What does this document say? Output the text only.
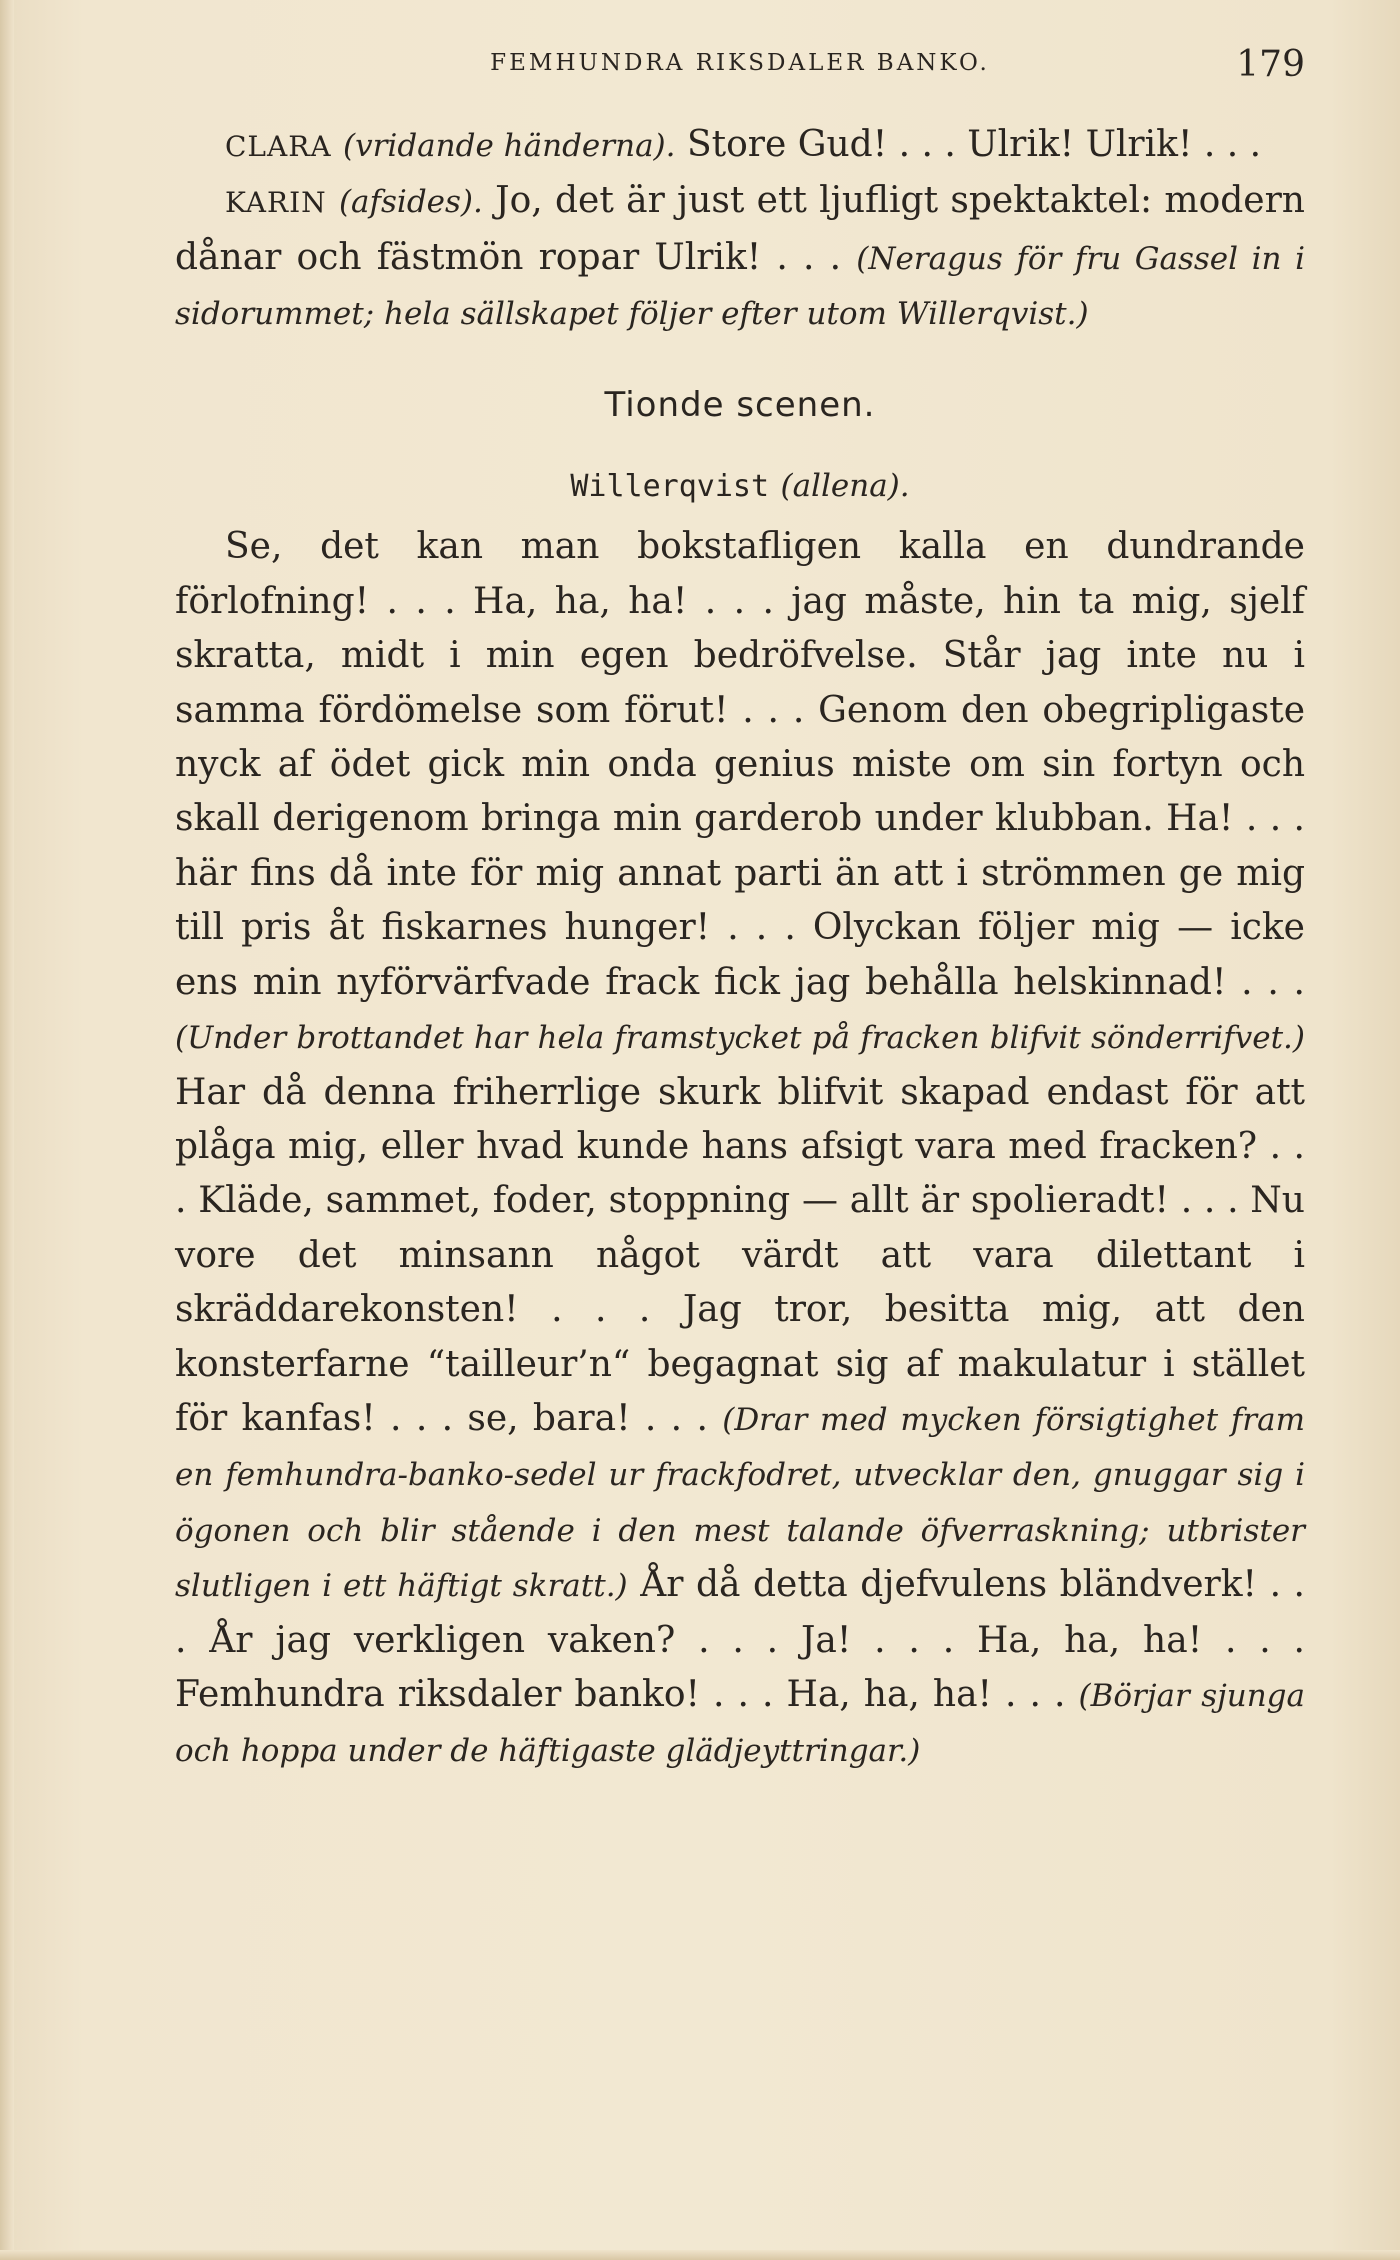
FEMHUNDRA RIKSDALER BANKO.	179

CLARA (vridande händerna). Store Gud! . . . Ulrik! Ulrik! . . .

KARIN (afsides). Jo, det är just ett ljufligt spektaktel: modern dånar och fästmön ropar Ulrik! . . . (Neragus för fru Gassel in i sidorummet; hela sällskapet följer efter utom Willerqvist.)

Tionde scenen.

Willerqvist (allena).

Se, det kan man bokstafligen kalla en dundrande förlofning! . . . Ha, ha, ha! . . . jag måste, hin ta mig, sjelf skratta, midt i min egen bedröfvelse. Står jag inte nu i samma fördömelse som förut! . . . Genom den obegripligaste nyck af ödet gick min onda genius miste om sin fortyn och skall derigenom bringa min garderob under klubban. Ha! . . . här fins då inte för mig annat parti än att i strömmen ge mig till pris åt fiskarnes hunger! . . . Olyckan följer mig — icke ens min nyförvärfvade frack fick jag behålla helskinnad! . . . (Under brottandet har hela framstycket på fracken blifvit sönderrifvet.) Har då denna friherrlige skurk blifvit skapad endast för att plåga mig, eller hvad kunde hans afsigt vara med fracken? . . . Kläde, sammet, foder, stoppning — allt är spolieradt! . . . Nu vore det minsann något värdt att vara dilettant i skräddarekonsten! . . . Jag tror, besitta mig, att den konsterfarne “tailleur’n“ begagnat sig af makulatur i stället för kanfas! . . . se, bara! . . . (Drar med mycken försigtighet fram en femhundra-banko-sedel ur frackfodret, utvecklar den, gnuggar sig i ögonen och blir stående i den mest talande öfverraskning; utbrister slutligen i ett häftigt skratt.) År då detta djefvulens bländverk! . . . År jag verkligen vaken? . . . Ja! . . . Ha, ha, ha! . . . Femhundra riksdaler banko! . . . Ha, ha, ha! . . . (Börjar sjunga och hoppa under de häftigaste glädjeyttringar.)
